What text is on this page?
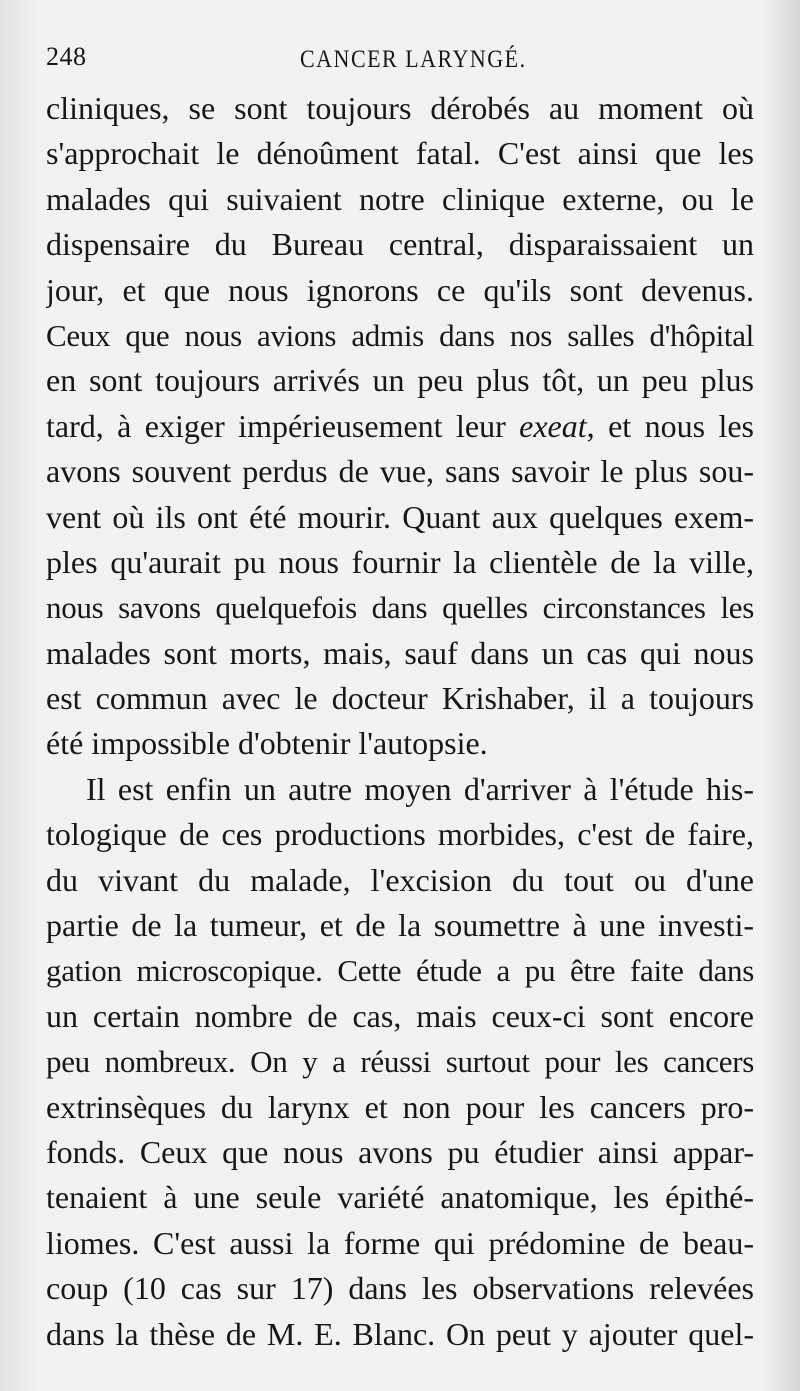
248	CANCER LARYNGÉ.
cliniques, se sont toujours dérobés au moment où
s'approchait le dénoûment fatal. C'est ainsi que les
malades qui suivaient notre clinique externe, ou le
dispensaire du Bureau central, disparaissaient un
jour, et que nous ignorons ce qu'ils sont devenus.
Ceux que nous avions admis dans nos salles d'hôpital
en sont toujours arrivés un peu plus tôt, un peu plus
tard, à exiger impérieusement leur exeat, et nous les
avons souvent perdus de vue, sans savoir le plus sou-
vent où ils ont été mourir. Quant aux quelques exem-
ples qu'aurait pu nous fournir la clientèle de la ville,
nous savons quelquefois dans quelles circonstances les
malades sont morts, mais, sauf dans un cas qui nous
est commun avec le docteur Krishaber, il a toujours
été impossible d'obtenir l'autopsie.
Il est enfin un autre moyen d'arriver à l'étude his-
tologique de ces productions morbides, c'est de faire,
du vivant du malade, l'excision du tout ou d'une
partie de la tumeur, et de la soumettre à une investi-
gation microscopique. Cette étude a pu être faite dans
un certain nombre de cas, mais ceux-ci sont encore
peu nombreux. On y a réussi surtout pour les cancers
extrinsèques du larynx et non pour les cancers pro-
fonds. Ceux que nous avons pu étudier ainsi appar-
tenaient à une seule variété anatomique, les épithé-
liomes. C'est aussi la forme qui prédomine de beau-
coup (10 cas sur 17) dans les observations relevées
dans la thèse de M. E. Blanc. On peut y ajouter quel-
